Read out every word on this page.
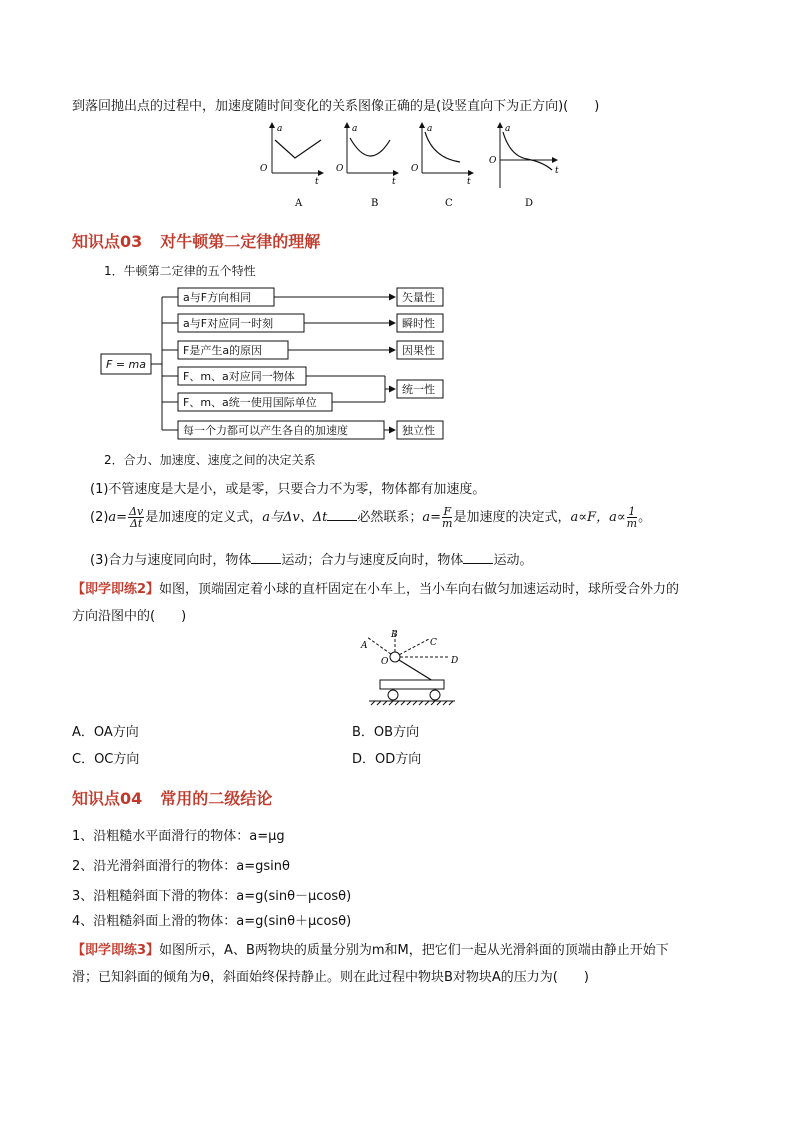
到落回抛出点的过程中，加速度随时间变化的关系图像正确的是(设竖直向下为正方向)(　　)
a
t
O
A
a
t
O
B
a
t
O
C
a
t
O
D
知识点03 对牛顿第二定律的理解
1．牛顿第二定律的五个特性
F = ma
a与F方向相同
a与F对应同一时刻
F是产生a的原因
F、m、a对应同一物体
F、m、a统一使用国际单位
每一个力都可以产生各自的加速度
矢量性
瞬时性
因果性
统一性
独立性
2．合力、加速度、速度之间的决定关系
(1)不管速度是大是小，或是零，只要合力不为零，物体都有加速度。
$(2)a= \frac{\Delta v}{\Delta t}$ 是加速度的定义式，a与Δv、Δt 必然联系；$a= \frac{F}{m}$ 是加速度的决定式，a∝F，$a\propto \frac{1}{m}$ 。
(3)合力与速度同向时，物体 运动；合力与速度反向时，物体 运动。
【即学即练2】如图，顶端固定着小球的直杆固定在小车上，当小车向右做匀加速运动时，球所受合外力的
方向沿图中的(　　)
A
B
C
D
O
A．OA方向	B．OB方向
C．OC方向	D．OD方向
知识点04 常用的二级结论
1、沿粗糙水平面滑行的物体：a=μg
2、沿光滑斜面滑行的物体：a=gsinθ
3、沿粗糙斜面下滑的物体：a=g(sinθ－μcosθ)
4、沿粗糙斜面上滑的物体：a=g(sinθ＋μcosθ)
【即学即练3】如图所示，A、B两物块的质量分别为m和M，把它们一起从光滑斜面的顶端由静止开始下
滑；已知斜面的倾角为θ，斜面始终保持静止。则在此过程中物块B对物块A的压力为(　　)
